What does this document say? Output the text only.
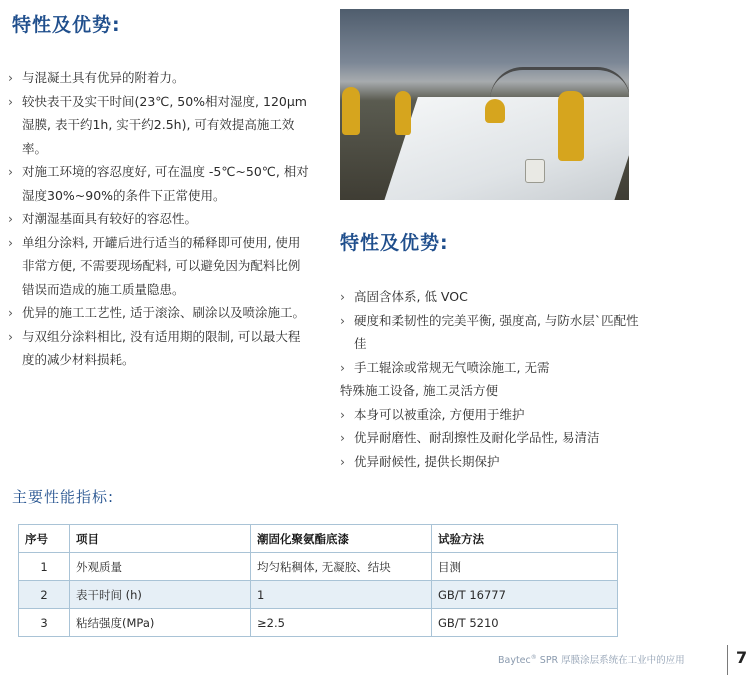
特性及优势:
› 与混凝土具有优异的附着力。
› 较快表干及实干时间(23℃, 50%相对湿度, 120μm湿膜, 表干约1h, 实干约2.5h), 可有效提高施工效率。
› 对施工环境的容忍度好, 可在温度 -5℃~50℃, 相对湿度30%~90%的条件下正常使用。
› 对潮湿基面具有较好的容忍性。
› 单组分涂料, 开罐后进行适当的稀释即可使用, 使用非常方便, 不需要现场配料, 可以避免因为配料比例错误而造成的施工质量隐患。
› 优异的施工工艺性, 适于滚涂、刷涂以及喷涂施工。
› 与双组分涂料相比, 没有适用期的限制, 可以最大程度的减少材料损耗。
特性及优势:
› 高固含体系, 低 VOC
› 硬度和柔韧性的完美平衡, 强度高, 与防水层`匹配性佳
› 手工辊涂或常规无气喷涂施工, 无需
特殊施工设备, 施工灵活方便
› 本身可以被重涂, 方便用于维护
› 优异耐磨性、耐刮擦性及耐化学品性, 易清洁
› 优异耐候性, 提供长期保护
主要性能指标:
序号	项目	潮固化聚氨酯底漆	试验方法
1	外观质量	均匀粘稠体, 无凝胶、结块	目测
2	表干时间 (h)	1	GB/T 16777
3	粘结强度(MPa)	≥2.5	GB/T 5210
Baytec® SPR 厚膜涂层系统在工业中的应用	7
